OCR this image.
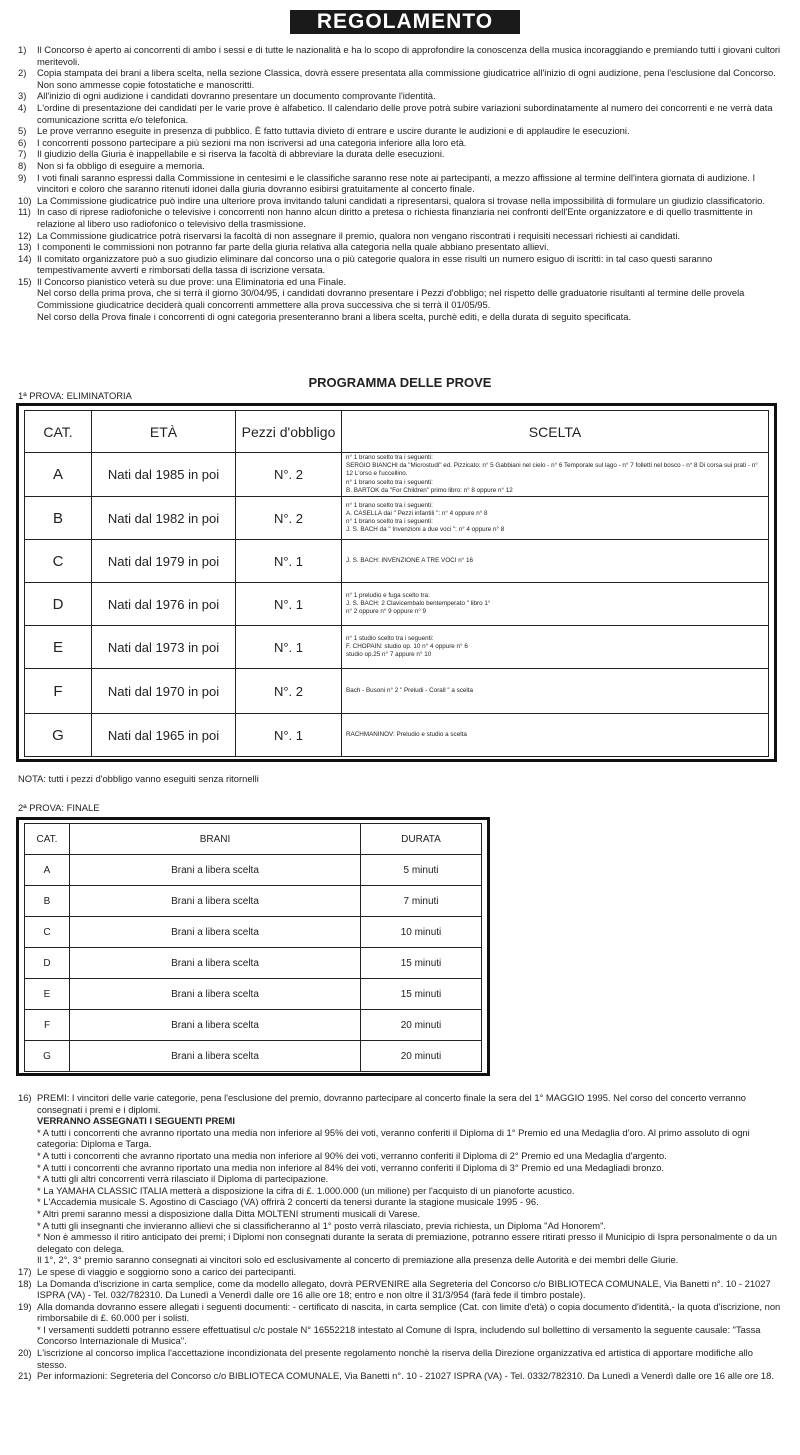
REGOLAMENTO
1)	Il Concorso è aperto ai concorrenti di ambo i sessi e di tutte le nazionalità e ha lo scopo di approfondire la conoscenza della musica incoraggiando e premiando tutti i giovani cultori meritevoli.
2)	Copia stampata dei brani a libera scelta, nella sezione Classica, dovrà essere presentata alla commissione giudicatrice all'inizio di ogni audizione, pena l'esclusione dal Concorso. Non sono ammesse copie fotostatiche e manoscritti.
3)	All'inizio di ogni audizione i candidati dovranno presentare un documento comprovante l'identità.
4)	L'ordine di presentazione dei candidati per le varie prove è alfabetico. Il calendario delle prove potrà subire variazioni subordinatamente al numero dei concorrenti e ne verrà data comunicazione scritta e/o telefonica.
5)	Le prove verranno eseguite in presenza di pubblico. È fatto tuttavia divieto di entrare e uscire durante le audizioni e di applaudire le esecuzioni.
6)	I concorrenti possono partecipare a più sezioni ma non iscriversi ad una categoria inferiore alla loro età.
7)	Il giudizio della Giuria è inappellabile e si riserva la facoltà di abbreviare la durata delle esecuzioni.
8)	Non si fa obbligo di eseguire a memoria.
9)	I voti finali saranno espressi dalla Commissione in centesimi e le classifiche saranno rese note ai partecipanti, a mezzo affissione al termine dell'intera giornata di audizione. I vincitori e coloro che saranno ritenuti idonei dalla giuria dovranno esibirsi gratuitamente al concerto finale.
10) La Commissione giudicatrice può indire una ulteriore prova invitando taluni candidati a ripresentarsi, qualora si trovase nella impossibilità di formulare un giudizio classificatorio.
11) In caso di riprese radiofoniche o televisive i concorrenti non hanno alcun diritto a pretesa o richiesta finanziaria nei confronti dell'Ente organizzatore e di quello trasmittente in relazione al libero uso radiofonico o televisivo della trasmissione.
12) La Commissione giudicatrice potrà riservarsi la facoltà di non assegnare il premio, qualora non vengano riscontrati i requisiti necessari richiesti ai candidati.
13) I componenti le commissioni non potranno far parte della giuria relativa alla categoria nella quale abbiano presentato allievi.
14) Il comitato organizzatore può a suo giudizio eliminare dal concorso una o più categorie qualora in esse risulti un numero esiguo di iscritti: in tal caso questi saranno tempestivamente avverti e rimborsati della tassa di iscrizione versata.
15) Il Concorso pianistico veterà su due prove: una Eliminatoria ed una Finale.
Nel corso della prima prova, che si terrà il giorno 30/04/95, i candidati dovranno presentare i Pezzi d'obbligo; nel rispetto delle graduatorie risultanti al termine delle provela Commissione giudicatrice deciderà quali concorrenti ammettere alla prova successiva che si terrà il 01/05/95.
Nel corso della Prova finale i concorrenti di ogni categoria presenteranno brani a libera scelta, purchè editi, e della durata di seguito specificata.
PROGRAMMA DELLE PROVE
1ª PROVA: ELIMINATORIA
CAT.	ETÀ	Pezzi d'obbligo	SCELTA
A	Nati dal 1985 in poi	N°. 2	n° 1 brano scelto tra i seguenti:
SERGIO BIANCHI da "Microstudi" ed. Pizzicato: n° 5 Gabbiani nel cielo - n° 6 Temporale sul lago - n° 7 folletti nel bosco - n° 8 Di corsa sui prati - n° 12 L'orso e l'uccellino.
n° 1 brano scelto tra i seguenti:
B. BARTOK da "For Children" primo libro: n° 8 oppure n° 12

B	Nati dal 1982 in poi	N°. 2	n° 1 brano scelto tra i seguenti:
A. CASELLA dai " Pezzi infantili ": n° 4 oppure n° 8
n° 1 brano scelto tra i seguenti:
J. S. BACH da " Invenzioni a due voci ": n° 4 oppure n° 8

C	Nati dal 1979 in poi	N°. 1	J. S. BACH: INVENZIONE A TRE VOCI n° 16

D	Nati dal 1976 in poi	N°. 1	n° 1 preludio e fuga scelto tra:
J. S. BACH: 2 Clavicembalo bentemperato " libro 1°
n° 2 oppure n° 9 oppure n° 9

E	Nati dal 1973 in poi	N°. 1	n° 1 studio scelto tra i seguenti:
F. CHOPAIN: studio op. 10 n° 4 oppure n° 6
studio op.25 n° 7 appure n° 10

F	Nati dal 1970 in poi	N°. 2	Bach - Busoni n° 2 " Preludi - Corall " a scelta

G	Nati dal 1965 in poi	N°. 1	RACHMANINOV: Preludio e studio a scelta
NOTA: tutti i pezzi d'obbligo vanno eseguiti senza ritornelli
2ª PROVA: FINALE
CAT.	BRANI	DURATA
A	Brani a libera scelta	5 minuti
B	Brani a libera scelta	7 minuti
C	Brani a libera scelta	10 minuti
D	Brani a libera scelta	15 minuti
E	Brani a libera scelta	15 minuti
F	Brani a libera scelta	20 minuti
G	Brani a libera scelta	20 minuti
16) PREMI: I vincitori delle varie categorie, pena l'esclusione del premio, dovranno partecipare al concerto finale la sera del 1° MAGGIO 1995. Nel corso del concerto verranno consegnati i premi e i diplomi.
VERRANNO ASSEGNATI I SEGUENTI PREMI
* A tutti i concorrenti che avranno riportato una media non inferiore al 95% dei voti, veranno conferiti il Diploma di 1° Premio ed una Medaglia d'oro. Al primo assoluto di ogni categoria: Diploma e Targa.
* A tutti i concorrenti che avranno riportato una media non inferiore al 90% dei voti, verranno conferiti il Diploma di 2° Premio ed una Medaglia d'argento.
* A tutti i concorrenti che avranno riportato una media non inferiore al 84% dei voti, verranno conferiti il Diploma di 3° Premio ed una Medagliadi bronzo.
* A tutti gli altri concorrenti verrà rilasciato il Diploma di partecipazione.
* La YAMAHA CLASSIC ITALIA metterà a disposizione la cifra di £. 1.000.000 (un milione) per l'acquisto di un pianoforte acustico.
* L'Accademia musicale S. Agostino di Casciago (VA) offrirà 2 concerti da tenersi durante la stagione musicale 1995 - 96.
* Altri premi saranno messi a disposizione dalla Ditta MOLTENI strumenti musicali di Varese.
* A tutti gli insegnanti che invieranno allievi che si classificheranno al 1° posto verrà rilasciato, previa richiesta, un Diploma "Ad Honorem".
* Non è ammesso il ritiro anticipato dei premi; i Diplomi non consegnati durante la serata di premiazione, potranno essere ritirati presso il Municipio di Ispra personalmente o da un delegato con delega.
Il 1°, 2°, 3° premio saranno consegnati ai vincitori solo ed esclusivamente al concerto di premiazione alla presenza delle Autorità e dei membri delle Giurie.
17) Le spese di viaggio e soggiorno sono a carico dei partecipanti.
18) La Domanda d'iscrizione in carta semplice, come da modello allegato, dovrà PERVENIRE alla Segreteria del Concorso c/o BIBLIOTECA COMUNALE, Via Banetti n°. 10 - 21027 ISPRA (VA) - Tel. 032/782310. Da Lunedì a Venerdì dalle ore 16 alle ore 18; entro e non oltre il 31/3/954 (farà fede il timbro postale).
19) Alla domanda dovranno essere allegati i seguenti documenti: - certificato di nascita, in carta semplice (Cat. con limite d'età) o copia documento d'identità,- la quota d'iscrizione, non rimborsabile di £. 60.000 per i solisti.
* I versamenti suddetti potranno essere effettuatisul c/c postale N° 16552218 intestato al Comune di Ispra, includendo sul bollettino di versamento la seguente causale: "Tassa Concorso Internazionale di Musica".
20) L'iscrizione al concorso implica l'accettazione incondizionata del presente regolamento nonchè la riserva della Direzione organizzativa ed artistica di apportare modifiche allo stesso.
21) Per informazioni: Segreteria del Concorso c/o BIBLIOTECA COMUNALE, Via Banetti n°. 10 - 21027 ISPRA (VA) - Tel. 0332/782310. Da Lunedì a Venerdì dalle ore 16 alle ore 18.
